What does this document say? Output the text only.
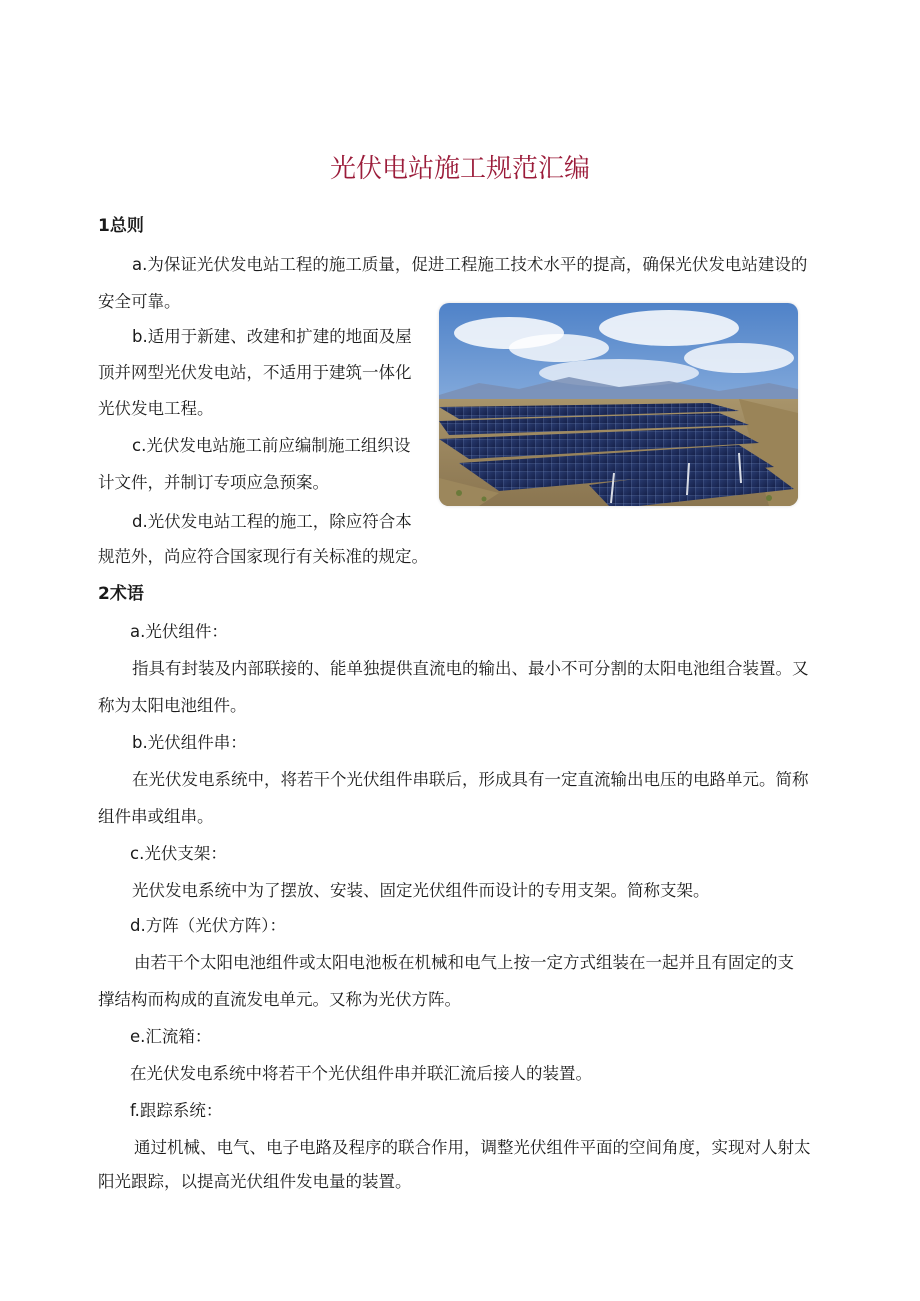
光伏电站施工规范汇编
1总则
a.为保证光伏发电站工程的施工质量，促进工程施工技术水平的提高，确保光伏发电站建设的
安全可靠。
b.适用于新建、改建和扩建的地面及屋
顶并网型光伏发电站，不适用于建筑一体化
光伏发电工程。
c.光伏发电站施工前应编制施工组织设
计文件，并制订专项应急预案。
d.光伏发电站工程的施工，除应符合本
规范外，尚应符合国家现行有关标准的规定。
2术语
a.光伏组件：
指具有封装及内部联接的、能单独提供直流电的输出、最小不可分割的太阳电池组合装置。又
称为太阳电池组件。
b.光伏组件串：
在光伏发电系统中，将若干个光伏组件串联后，形成具有一定直流输出电压的电路单元。简称
组件串或组串。
c.光伏支架：
光伏发电系统中为了摆放、安装、固定光伏组件而设计的专用支架。简称支架。
d.方阵（光伏方阵）：
由若干个太阳电池组件或太阳电池板在机械和电气上按一定方式组装在一起并且有固定的支
撑结构而构成的直流发电单元。又称为光伏方阵。
e.汇流箱：
在光伏发电系统中将若干个光伏组件串并联汇流后接人的装置。
f.跟踪系统：
通过机械、电气、电子电路及程序的联合作用，调整光伏组件平面的空间角度，实现对人射太
阳光跟踪，以提高光伏组件发电量的装置。
